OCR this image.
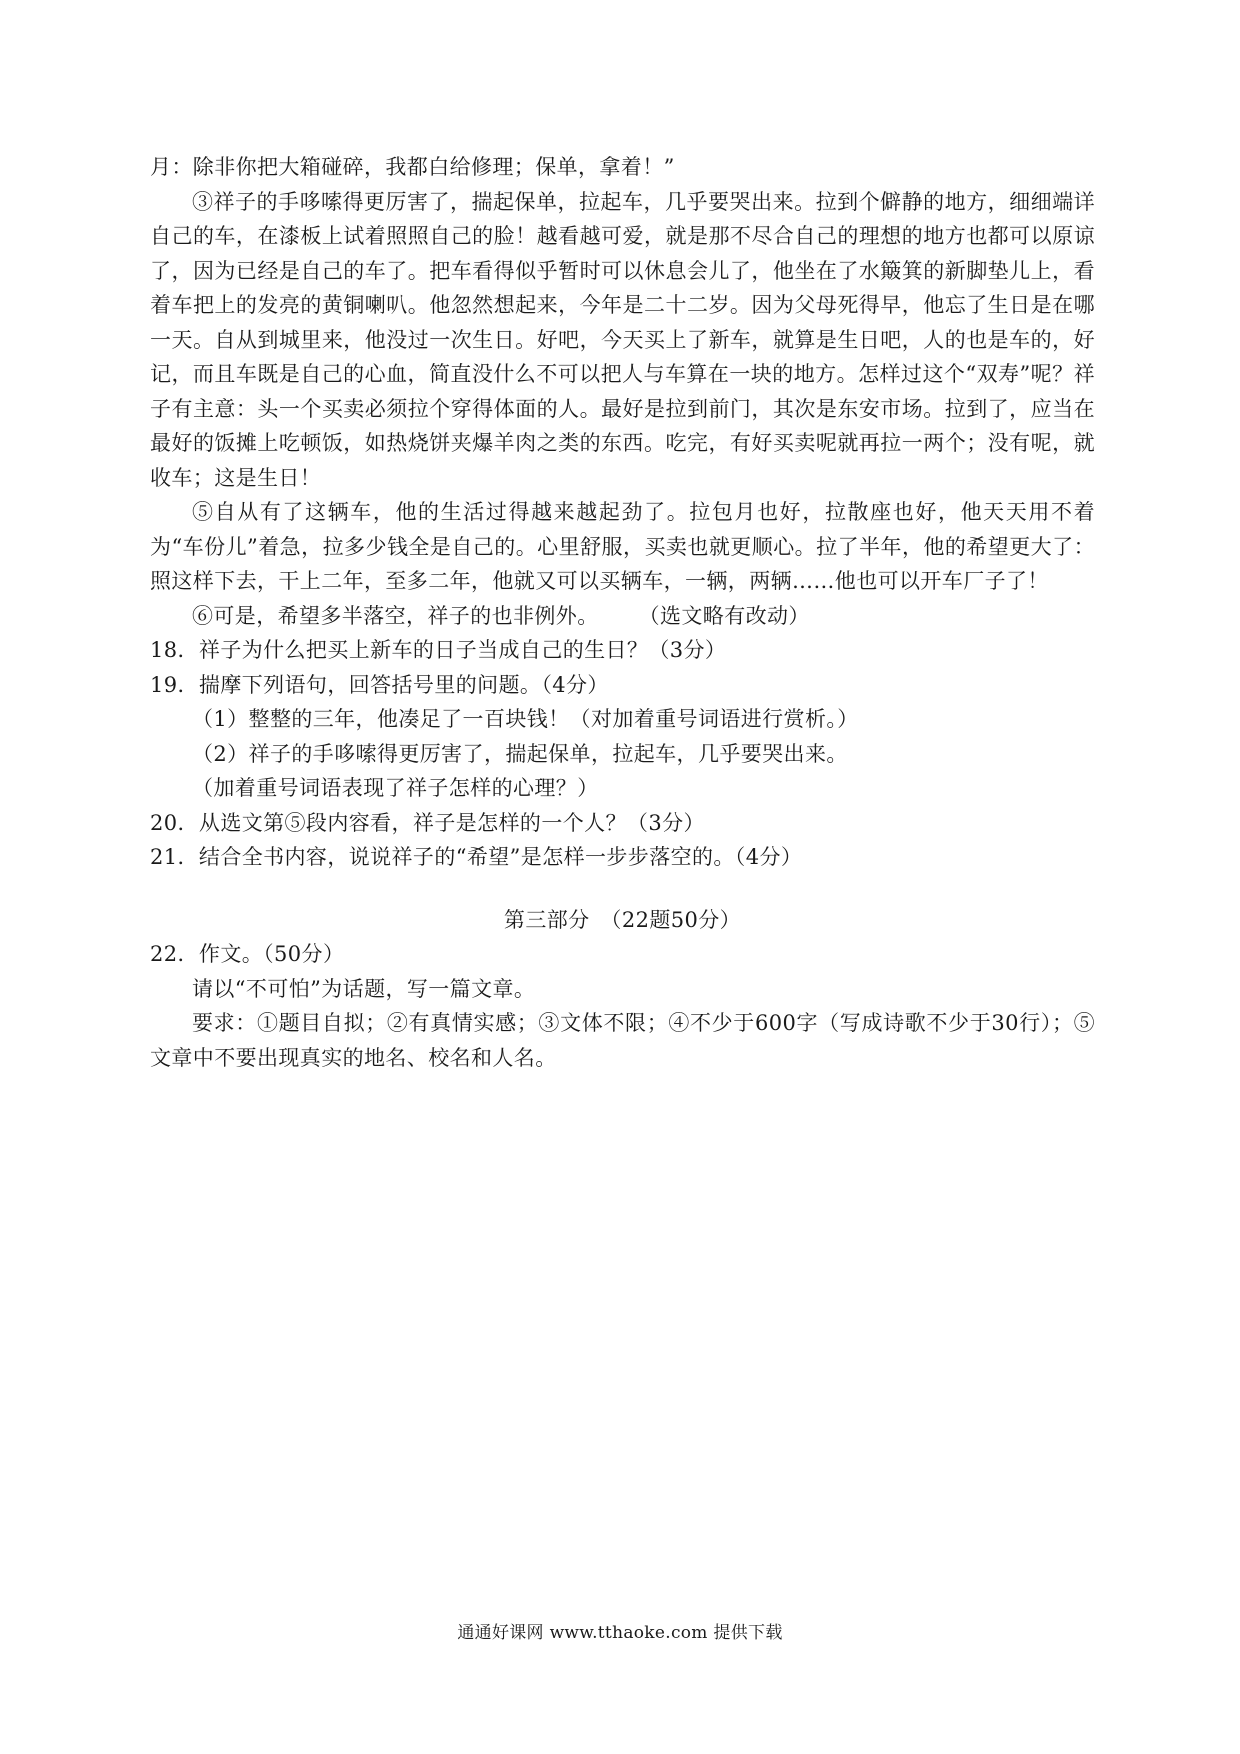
月：除非你把大箱碰碎，我都白给修理；保单，拿着！”

③祥子的手哆嗦得更厉害了，揣起保单，拉起车，几乎要哭出来。拉到个僻静的地方，细细端详自己的车，在漆板上试着照照自己的脸！越看越可爱，就是那不尽合自己的理想的地方也都可以原谅了，因为已经是自己的车了。把车看得似乎暂时可以休息会儿了，他坐在了水簸箕的新脚垫儿上，看着车把上的发亮的黄铜喇叭。他忽然想起来，今年是二十二岁。因为父母死得早，他忘了生日是在哪一天。自从到城里来，他没过一次生日。好吧，今天买上了新车，就算是生日吧，人的也是车的，好记，而且车既是自己的心血，简直没什么不可以把人与车算在一块的地方。怎样过这个“双寿”呢？祥子有主意：头一个买卖必须拉个穿得体面的人。最好是拉到前门，其次是东安市场。拉到了，应当在最好的饭摊上吃顿饭，如热烧饼夹爆羊肉之类的东西。吃完，有好买卖呢就再拉一两个；没有呢，就收车；这是生日！

⑤自从有了这辆车，他的生活过得越来越起劲了。拉包月也好，拉散座也好，他天天用不着为“车份儿”着急，拉多少钱全是自己的。心里舒服，买卖也就更顺心。拉了半年，他的希望更大了：照这样下去，干上二年，至多二年，他就又可以买辆车，一辆，两辆……他也可以开车厂子了！

⑥可是，希望多半落空，祥子的也非例外。 （选文略有改动）

18．祥子为什么把买上新车的日子当成自己的生日？（3分）

19．揣摩下列语句，回答括号里的问题。（4分）

（1）整整的三年，他凑足了一百块钱！（对加着重号词语进行赏析。）

（2）祥子的手哆嗦得更厉害了，揣起保单，拉起车，几乎要哭出来。

（加着重号词语表现了祥子怎样的心理？）

20．从选文第⑤段内容看，祥子是怎样的一个人？（3分）

21．结合全书内容，说说祥子的“希望”是怎样一步步落空的。（4分）

第三部分　（22题50分）

22．作文。（50分）

请以“不可怕”为话题，写一篇文章。

要求：①题目自拟；②有真情实感；③文体不限；④不少于600字（写成诗歌不少于30行）；⑤文章中不要出现真实的地名、校名和人名。

通通好课网 www.tthaoke.com 提供下载
